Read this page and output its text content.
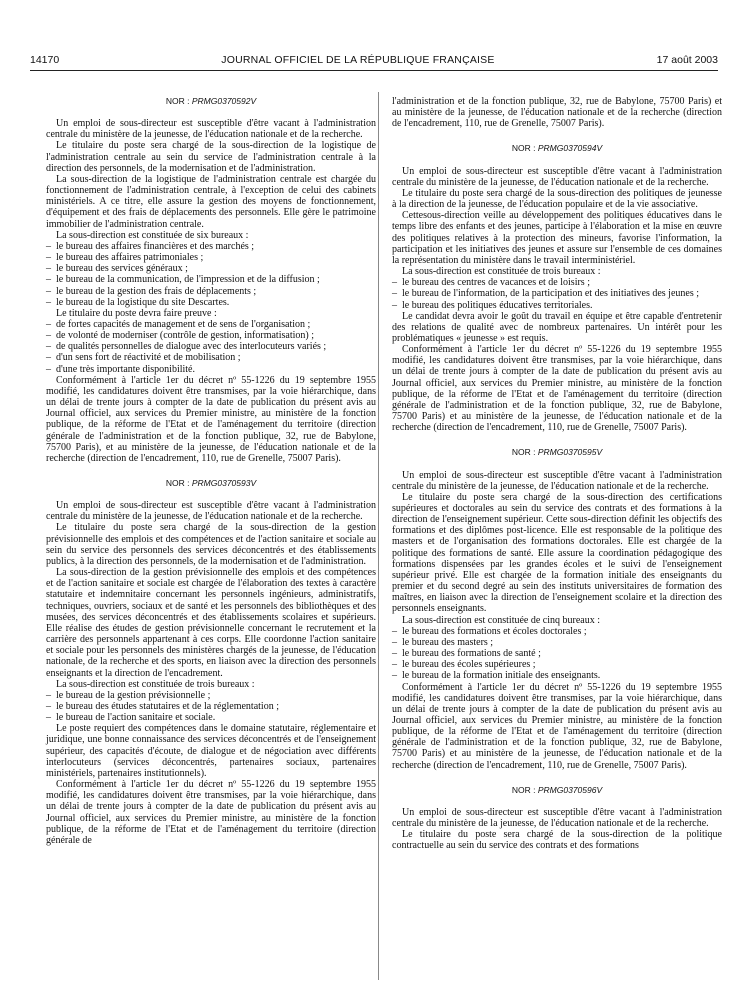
14170	JOURNAL OFFICIEL DE LA RÉPUBLIQUE FRANÇAISE	17 août 2003
NOR : PRMG0370592V

Un emploi de sous-directeur est susceptible d'être vacant à l'administration centrale du ministère de la jeunesse, de l'éducation nationale et de la recherche.

Le titulaire du poste sera chargé de la sous-direction de la logistique de l'administration centrale au sein du service de l'administration centrale à la direction des personnels, de la modernisation et de l'administration.

La sous-direction de la logistique de l'administration centrale est chargée du fonctionnement de l'administration centrale, à l'exception de celui des cabinets ministériels. A ce titre, elle assure la gestion des moyens de fonctionnement, d'équipement et des frais de déplacements des personnels. Elle gère le patrimoine immobilier de l'administration centrale.

La sous-direction est constituée de six bureaux :

– le bureau des affaires financières et des marchés ;

– le bureau des affaires patrimoniales ;

– le bureau des services généraux ;

– le bureau de la communication, de l'impression et de la diffusion ;

– le bureau de la gestion des frais de déplacements ;

– le bureau de la logistique du site Descartes.

Le titulaire du poste devra faire preuve :

– de fortes capacités de management et de sens de l'organisation ;

– de volonté de moderniser (contrôle de gestion, informatisation) ;

– de qualités personnelles de dialogue avec des interlocuteurs variés ;

– d'un sens fort de réactivité et de mobilisation ;

– d'une très importante disponibilité.

Conformément à l'article 1er du décret nº 55-1226 du 19 septembre 1955 modifié, les candidatures doivent être transmises, par la voie hiérarchique, dans un délai de trente jours à compter de la date de publication du présent avis au Journal officiel, aux services du Premier ministre, au ministère de la fonction publique, de la réforme de l'Etat et de l'aménagement du territoire (direction générale de l'administration et de la fonction publique, 32, rue de Babylone, 75700 Paris), et au ministère de la jeunesse, de l'éducation nationale et de la recherche (direction de l'encadrement, 110, rue de Grenelle, 75007 Paris).

NOR : PRMG0370593V

Un emploi de sous-directeur est susceptible d'être vacant à l'administration centrale du ministère de la jeunesse, de l'éducation nationale et de la recherche.

Le titulaire du poste sera chargé de la sous-direction de la gestion prévisionnelle des emplois et des compétences et de l'action sanitaire et sociale au sein du service des personnels des services déconcentrés et des établissements publics, à la direction des personnels, de la modernisation et de l'administration.

La sous-direction de la gestion prévisionnelle des emplois et des compétences et de l'action sanitaire et sociale est chargée de l'élaboration des textes à caractère statutaire et indemnitaire concernant les personnels ingénieurs, administratifs, techniques, ouvriers, sociaux et de santé et les personnels des bibliothèques et des musées, des services déconcentrés et des établissements scolaires et supérieurs. Elle réalise des études de gestion prévisionnelle concernant le recrutement et la carrière des personnels appartenant à ces corps. Elle coordonne l'action sanitaire et sociale pour les personnels des ministères chargés de la jeunesse, de l'éducation nationale, de la recherche et des sports, en liaison avec la direction des personnels enseignants et la direction de l'encadrement.

La sous-direction est constituée de trois bureaux :

– le bureau de la gestion prévisionnelle ;

– le bureau des études statutaires et de la réglementation ;

– le bureau de l'action sanitaire et sociale.

Le poste requiert des compétences dans le domaine statutaire, réglementaire et juridique, une bonne connaissance des services déconcentrés et de l'enseignement supérieur, des capacités d'écoute, de dialogue et de négociation avec différents interlocuteurs (services déconcentrés, partenaires sociaux, partenaires ministériels, partenaires institutionnels).

Conformément à l'article 1er du décret nº 55-1226 du 19 septembre 1955 modifié, les candidatures doivent être transmises, par la voie hiérarchique, dans un délai de trente jours à compter de la date de publication du présent avis au Journal officiel, aux services du Premier ministre, au ministère de la fonction publique, de la réforme de l'Etat et de l'aménagement du territoire (direction générale de

l'administration et de la fonction publique, 32, rue de Babylone, 75700 Paris) et au ministère de la jeunesse, de l'éducation nationale et de la recherche (direction de l'encadrement, 110, rue de Grenelle, 75007 Paris).

NOR : PRMG0370594V

Un emploi de sous-directeur est susceptible d'être vacant à l'administration centrale du ministère de la jeunesse, de l'éducation nationale et de la recherche.

Le titulaire du poste sera chargé de la sous-direction des politiques de jeunesse à la direction de la jeunesse, de l'éducation populaire et de la vie associative.

Cettesous-direction veille au développement des politiques éducatives dans le temps libre des enfants et des jeunes, participe à l'élaboration et la mise en œuvre des politiques relatives à la protection des mineurs, favorise l'information, la participation et les initiatives des jeunes et assure sur l'ensemble de ces domaines la représentation du ministère dans le travail interministériel.

La sous-direction est constituée de trois bureaux :

– le bureau des centres de vacances et de loisirs ;

– le bureau de l'information, de la participation et des initiatives des jeunes ;

– le bureau des politiques éducatives territoriales.

Le candidat devra avoir le goût du travail en équipe et être capable d'entretenir des relations de qualité avec de nombreux partenaires. Un intérêt pour les problématiques « jeunesse » est requis.

Conformément à l'article 1er du décret nº 55-1226 du 19 septembre 1955 modifié, les candidatures doivent être transmises, par la voie hiérarchique, dans un délai de trente jours à compter de la date de publication du présent avis au Journal officiel, aux services du Premier ministre, au ministère de la fonction publique, de la réforme de l'Etat et de l'aménagement du territoire (direction générale de l'administration et de la fonction publique, 32, rue de Babylone, 75700 Paris) et au ministère de la jeunesse, de l'éducation nationale et de la recherche (direction de l'encadrement, 110, rue de Grenelle, 75007 Paris).

NOR : PRMG0370595V

Un emploi de sous-directeur est susceptible d'être vacant à l'administration centrale du ministère de la jeunesse, de l'éducation nationale et de la recherche.

Le titulaire du poste sera chargé de la sous-direction des certifications supérieures et doctorales au sein du service des contrats et des formations à la direction de l'enseignement supérieur. Cette sous-direction définit les objectifs des formations et des diplômes post-licence. Elle est responsable de la politique des masters et de l'organisation des formations doctorales. Elle est chargée de la politique des formations de santé. Elle assure la coordination pédagogique des formations dispensées par les grandes écoles et le suivi de l'enseignement supérieur privé. Elle est chargée de la formation initiale des enseignants du premier et du second degré au sein des instituts universitaires de formation des maîtres, en liaison avec la direction de l'enseignement scolaire et la direction des personnels enseignants.

La sous-direction est constituée de cinq bureaux :

– le bureau des formations et écoles doctorales ;

– le bureau des masters ;

– le bureau des formations de santé ;

– le bureau des écoles supérieures ;

– le bureau de la formation initiale des enseignants.

Conformément à l'article 1er du décret nº 55-1226 du 19 septembre 1955 modifié, les candidatures doivent être transmises, par la voie hiérarchique, dans un délai de trente jours à compter de la date de publication du présent avis au Journal officiel, aux services du Premier ministre, au ministère de la fonction publique, de la réforme de l'Etat et de l'aménagement du territoire (direction générale de l'administration et de la fonction publique, 32, rue de Babylone, 75700 Paris) et au ministère de la jeunesse, de l'éducation nationale et de la recherche (direction de l'encadrement, 110, rue de Grenelle, 75007 Paris).

NOR : PRMG0370596V

Un emploi de sous-directeur est susceptible d'être vacant à l'administration centrale du ministère de la jeunesse, de l'éducation nationale et de la recherche.

Le titulaire du poste sera chargé de la sous-direction de la politique contractuelle au sein du service des contrats et des formations
